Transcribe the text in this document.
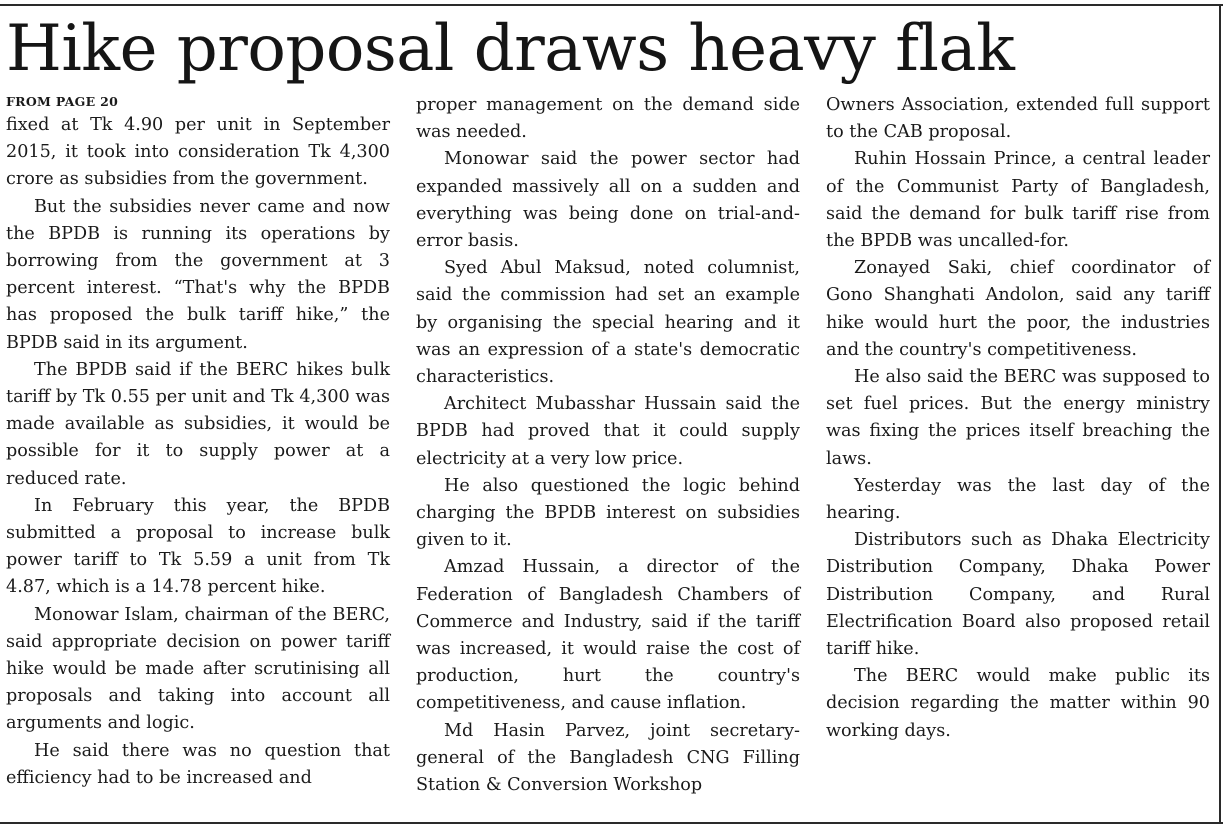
Hike proposal draws heavy flak
FROM PAGE 20

fixed at Tk 4.90 per unit in September 2015, it took into consideration Tk 4,300 crore as subsidies from the government.

But the subsidies never came and now the BPDB is running its operations by borrowing from the government at 3 percent interest. “That's why the BPDB has proposed the bulk tariff hike,” the BPDB said in its argument.

The BPDB said if the BERC hikes bulk tariff by Tk 0.55 per unit and Tk 4,300 was made available as subsidies, it would be possible for it to supply power at a reduced rate.

In February this year, the BPDB submitted a proposal to increase bulk power tariff to Tk 5.59 a unit from Tk 4.87, which is a 14.78 percent hike.

Monowar Islam, chairman of the BERC, said appropriate decision on power tariff hike would be made after scrutinising all proposals and taking into account all arguments and logic.

He said there was no question that efficiency had to be increased and

proper management on the demand side was needed.

Monowar said the power sector had expanded massively all on a sudden and everything was being done on trial-and-error basis.

Syed Abul Maksud, noted columnist, said the commission had set an example by organising the special hearing and it was an expression of a state's democratic characteristics.

Architect Mubasshar Hussain said the BPDB had proved that it could supply electricity at a very low price.

He also questioned the logic behind charging the BPDB interest on subsidies given to it.

Amzad Hussain, a director of the Federation of Bangladesh Chambers of Commerce and Industry, said if the tariff was increased, it would raise the cost of production, hurt the country's competitiveness, and cause inflation.

Md Hasin Parvez, joint secretary-general of the Bangladesh CNG Filling Station & Conversion Workshop

Owners Association, extended full support to the CAB proposal.

Ruhin Hossain Prince, a central leader of the Communist Party of Bangladesh, said the demand for bulk tariff rise from the BPDB was uncalled-for.

Zonayed Saki, chief coordinator of Gono Shanghati Andolon, said any tariff hike would hurt the poor, the industries and the country's competitiveness.

He also said the BERC was supposed to set fuel prices. But the energy ministry was fixing the prices itself breaching the laws.

Yesterday was the last day of the hearing.

Distributors such as Dhaka Electricity Distribution Company, Dhaka Power Distribution Company, and Rural Electrification Board also proposed retail tariff hike.

The BERC would make public its decision regarding the matter within 90 working days.
